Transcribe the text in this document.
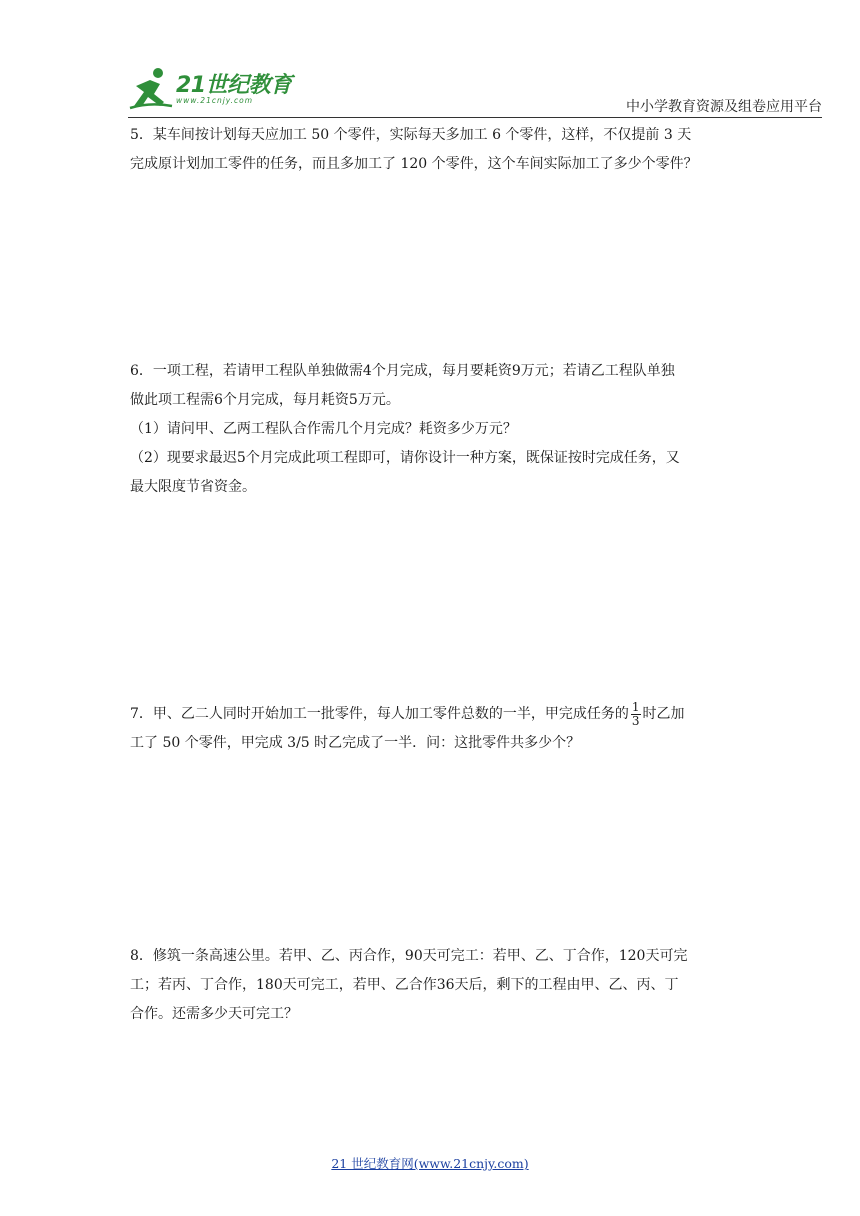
21世纪教育
www.21cnjy.com	中小学教育资源及组卷应用平台

5．某车间按计划每天应加工 50 个零件，实际每天多加工 6 个零件，这样，不仅提前 3 天

完成原计划加工零件的任务，而且多加工了 120 个零件，这个车间实际加工了多少个零件？

6．一项工程，若请甲工程队单独做需4个月完成，每月要耗资9万元；若请乙工程队单独

做此项工程需6个月完成，每月耗资5万元。

（1）请问甲、乙两工程队合作需几个月完成？耗资多少万元？

（2）现要求最迟5个月完成此项工程即可，请你设计一种方案，既保证按时完成任务，又

最大限度节省资金。

7．甲、乙二人同时开始加工一批零件，每人加工零件总数的一半，甲完成任务的 $\frac{1}{3}$ 时乙加

工了 50 个零件，甲完成 3/5 时乙完成了一半．问：这批零件共多少个？

8．修筑一条高速公里。若甲、乙、丙合作，90天可完工：若甲、乙、丁合作，120天可完

工；若丙、丁合作，180天可完工，若甲、乙合作36天后，剩下的工程由甲、乙、丙、丁

合作。还需多少天可完工？

21 世纪教育网(www.21cnjy.com)
